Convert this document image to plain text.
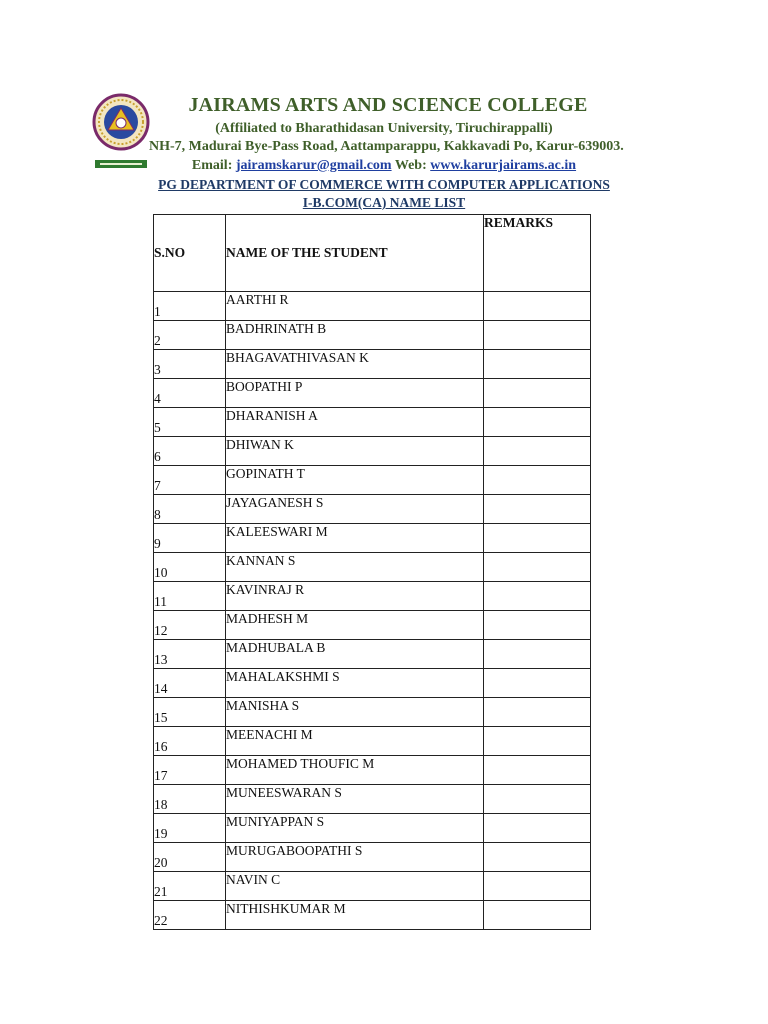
JAIRAMS ARTS AND SCIENCE COLLEGE
(Affiliated to Bharathidasan University, Tiruchirappalli)
NH-7, Madurai Bye-Pass Road, Aattamparappu, Kakkavadi Po, Karur-639003.
Email: jairamskarur@gmail.com Web: www.karurjairams.ac.in
PG DEPARTMENT OF COMMERCE WITH COMPUTER APPLICATIONS
I-B.COM(CA) NAME LIST
S.NO	NAME OF THE STUDENT	REMARKS
1	AARTHI R	
2	BADHRINATH B	
3	BHAGAVATHIVASAN K	
4	BOOPATHI P	
5	DHARANISH A	
6	DHIWAN K	
7	GOPINATH T	
8	JAYAGANESH S	
9	KALEESWARI M	
10	KANNAN S	
11	KAVINRAJ R	
12	MADHESH M	
13	MADHUBALA B	
14	MAHALAKSHMI S	
15	MANISHA S	
16	MEENACHI M	
17	MOHAMED THOUFIC M	
18	MUNEESWARAN S	
19	MUNIYAPPAN S	
20	MURUGABOOPATHI S	
21	NAVIN C	
22	NITHISHKUMAR M	
